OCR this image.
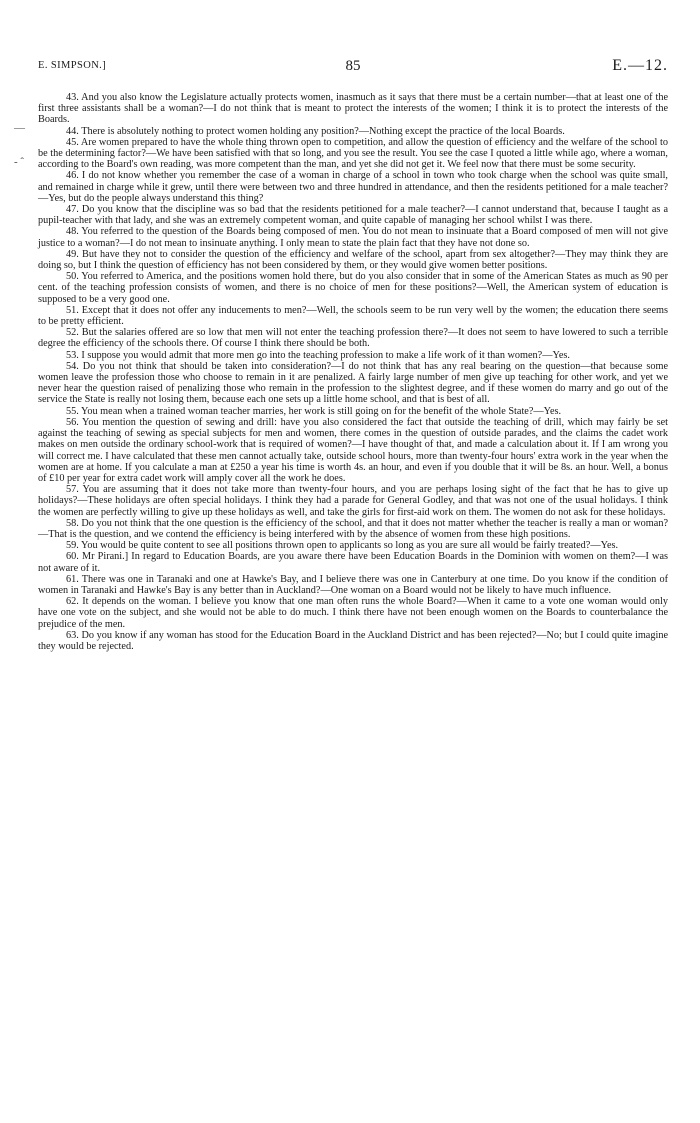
E. SIMPSON.]	85	E.—12.
—
- ˆ

43. And you also know the Legislature actually protects women, inasmuch as it says that there must be a certain number—that at least one of the first three assistants shall be a woman?—I do not think that is meant to protect the interests of the women; I think it is to protect the interests of the Boards.

44. There is absolutely nothing to protect women holding any position?—Nothing except the practice of the local Boards.

45. Are women prepared to have the whole thing thrown open to competition, and allow the question of efficiency and the welfare of the school to be the determining factor?—We have been satisfied with that so long, and you see the result. You see the case I quoted a little while ago, where a woman, according to the Board's own reading, was more competent than the man, and yet she did not get it. We feel now that there must be some security.

46. I do not know whether you remember the case of a woman in charge of a school in town who took charge when the school was quite small, and remained in charge while it grew, until there were between two and three hundred in attendance, and then the residents petitioned for a male teacher?—Yes, but do the people always understand this thing?

47. Do you know that the discipline was so bad that the residents petitioned for a male teacher?—I cannot understand that, because I taught as a pupil-teacher with that lady, and she was an extremely competent woman, and quite capable of managing her school whilst I was there.

48. You referred to the question of the Boards being composed of men. You do not mean to insinuate that a Board composed of men will not give justice to a woman?—I do not mean to insinuate anything. I only mean to state the plain fact that they have not done so.

49. But have they not to consider the question of the efficiency and welfare of the school, apart from sex altogether?—They may think they are doing so, but I think the question of efficiency has not been considered by them, or they would give women better positions.

50. You referred to America, and the positions women hold there, but do you also consider that in some of the American States as much as 90 per cent. of the teaching profession consists of women, and there is no choice of men for these positions?—Well, the American system of education is supposed to be a very good one.

51. Except that it does not offer any inducements to men?—Well, the schools seem to be run very well by the women; the education there seems to be pretty efficient.

52. But the salaries offered are so low that men will not enter the teaching profession there?—It does not seem to have lowered to such a terrible degree the efficiency of the schools there. Of course I think there should be both.

53. I suppose you would admit that more men go into the teaching profession to make a life work of it than women?—Yes.

54. Do you not think that should be taken into consideration?—I do not think that has any real bearing on the question—that because some women leave the profession those who choose to remain in it are penalized. A fairly large number of men give up teaching for other work, and yet we never hear the question raised of penalizing those who remain in the profession to the slightest degree, and if these women do marry and go out of the service the State is really not losing them, because each one sets up a little home school, and that is best of all.

55. You mean when a trained woman teacher marries, her work is still going on for the benefit of the whole State?—Yes.

56. You mention the question of sewing and drill: have you also considered the fact that outside the teaching of drill, which may fairly be set against the teaching of sewing as special subjects for men and women, there comes in the question of outside parades, and the claims the cadet work makes on men outside the ordinary school-work that is required of women?—I have thought of that, and made a calculation about it. If I am wrong you will correct me. I have calculated that these men cannot actually take, outside school hours, more than twenty-four hours' extra work in the year when the women are at home. If you calculate a man at £250 a year his time is worth 4s. an hour, and even if you double that it will be 8s. an hour. Well, a bonus of £10 per year for extra cadet work will amply cover all the work he does.

57. You are assuming that it does not take more than twenty-four hours, and you are perhaps losing sight of the fact that he has to give up holidays?—These holidays are often special holidays. I think they had a parade for General Godley, and that was not one of the usual holidays. I think the women are perfectly willing to give up these holidays as well, and take the girls for first-aid work on them. The women do not ask for these holidays.

58. Do you not think that the one question is the efficiency of the school, and that it does not matter whether the teacher is really a man or woman?—That is the question, and we contend the efficiency is being interfered with by the absence of women from these high positions.

59. You would be quite content to see all positions thrown open to applicants so long as you are sure all would be fairly treated?—Yes.

60. Mr Pirani.] In regard to Education Boards, are you aware there have been Education Boards in the Dominion with women on them?—I was not aware of it.

61. There was one in Taranaki and one at Hawke's Bay, and I believe there was one in Canterbury at one time. Do you know if the condition of women in Taranaki and Hawke's Bay is any better than in Auckland?—One woman on a Board would not be likely to have much influence.

62. It depends on the woman. I believe you know that one man often runs the whole Board?—When it came to a vote one woman would only have one vote on the subject, and she would not be able to do much. I think there have not been enough women on the Boards to counterbalance the prejudice of the men.

63. Do you know if any woman has stood for the Education Board in the Auckland District and has been rejected?—No; but I could quite imagine they would be rejected.
